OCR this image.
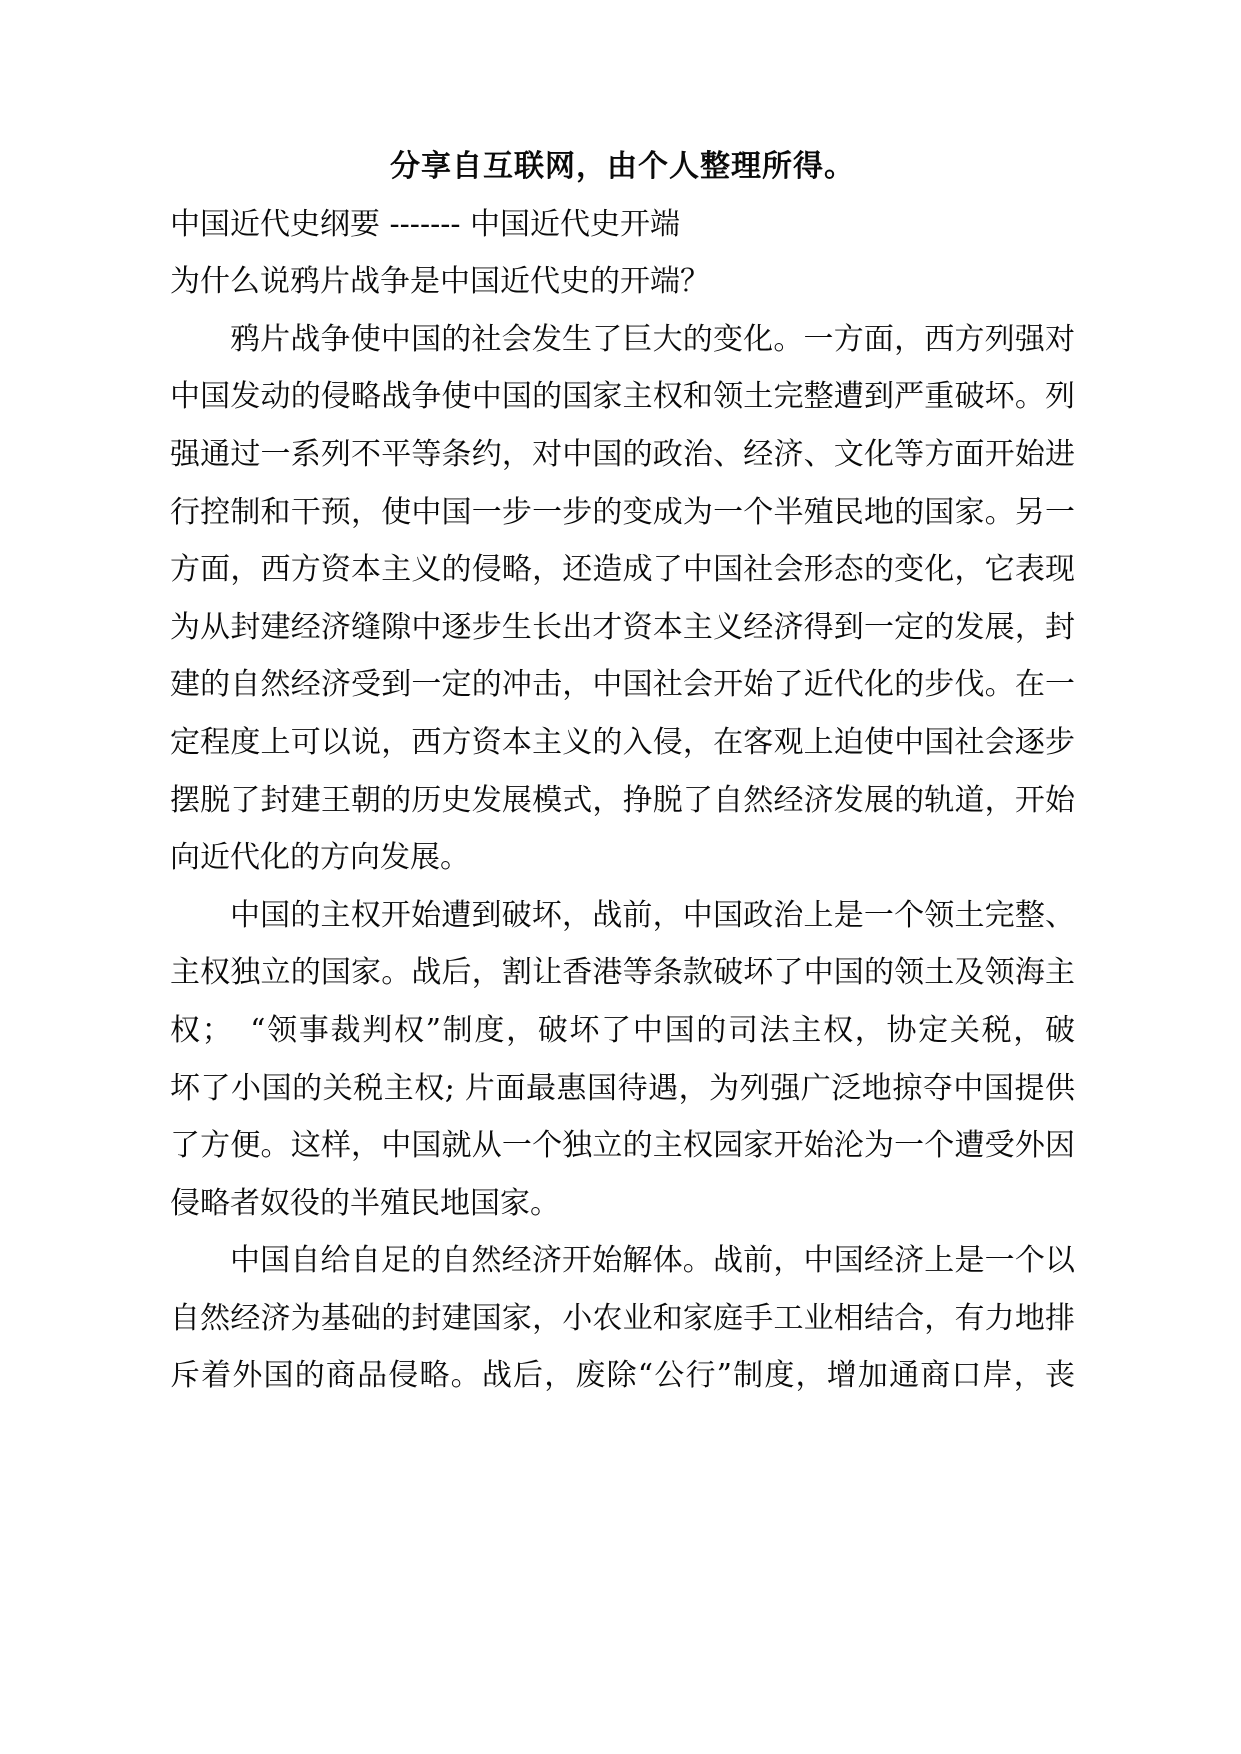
分享自互联网，由个人整理所得。
中国近代史纲要 ------- 中国近代史开端
为什么说鸦片战争是中国近代史的开端？
鸦片战争使中国的社会发生了巨大的变化。一方面，西方列强对
中国发动的侵略战争使中国的国家主权和领土完整遭到严重破坏。列
强通过一系列不平等条约，对中国的政治、经济、文化等方面开始进
行控制和干预，使中国一步一步的变成为一个半殖民地的国家。另一
方面，西方资本主义的侵略，还造成了中国社会形态的变化，它表现
为从封建经济缝隙中逐步生长出才资本主义经济得到一定的发展，封
建的自然经济受到一定的冲击，中国社会开始了近代化的步伐。在一
定程度上可以说，西方资本主义的入侵，在客观上迫使中国社会逐步
摆脱了封建王朝的历史发展模式，挣脱了自然经济发展的轨道，开始
向近代化的方向发展。
中国的主权开始遭到破坏，战前，中国政治上是一个领土完整、
主权独立的国家。战后，割让香港等条款破坏了中国的领土及领海主
权；　“领事裁判权”制度，破坏了中国的司法主权，协定关税，破
坏了小国的关税主权; 片面最惠国待遇，为列强广泛地掠夺中国提供
了方便。这样，中国就从一个独立的主权园家开始沦为一个遭受外因
侵略者奴役的半殖民地国家。
中国自给自足的自然经济开始解体。战前，中国经济上是一个以
自然经济为基础的封建国家，小农业和家庭手工业相结合，有力地排
斥着外国的商品侵略。战后，废除“公行”制度，增加通商口岸，丧
